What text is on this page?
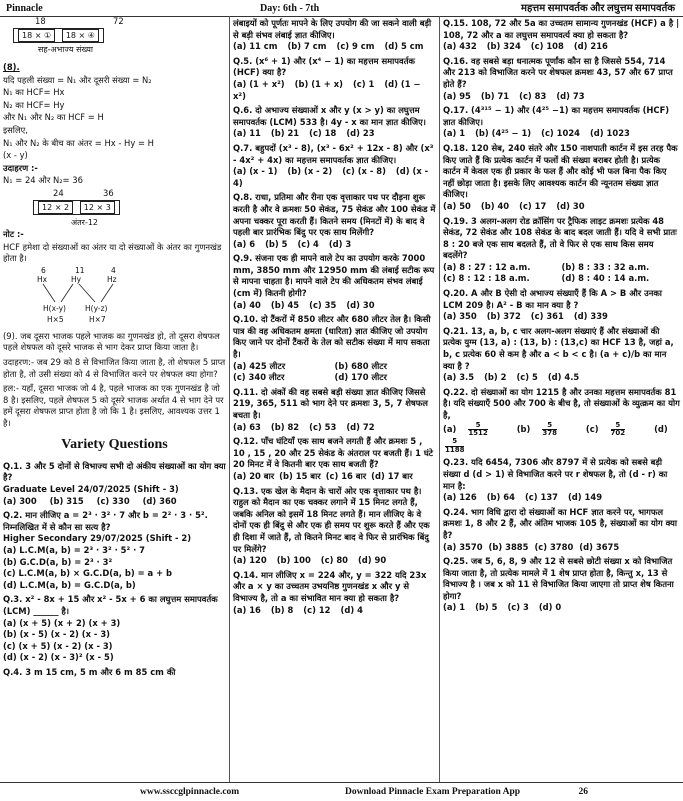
Pinnacle	Day: 6th - 7th	महत्तम समापवर्तक और लघुत्तम समापवर्तक
18	72
18 × ① 18 × ④
सह-अभाज्य संख्या
(8).
यदि पहली संख्या = N₁ और दूसरी संख्या = N₂
N₁ का HCF= Hx
N₂ का HCF= Hy
और N₁ और N₂ का HCF = H
इसलिए,
N₁ और N₂ के बीच का अंतर = Hx - Hy = H
(x - y)
उदाहरण :-
N₁ = 24 और N₂= 36
24	36
12 × 2 12 × 3
अंतर-12
नोट :-
HCF हमेशा दो संख्याओं का अंतर या दो संख्याओं के अंतर का गुणनखंड होता है।
6	11	4
Hx	Hy	Hz
H(x-y)	H(y-z)
H×5	H×7
(9). जब दूसरा भाजक पहले भाजक का गुणनखंड हो, तो दूसरा शेषफल पहले शेषफल को दूसरे भाजक से भाग देकर प्राप्त किया जाता है।
उदाहरण:- जब 29 को 8 से विभाजित किया जाता है, तो शेषफल 5 प्राप्त होता है, तो उसी संख्या को 4 से विभाजित करने पर शेषफल क्या होगा?
हल:- यहाँ, दूसरा भाजक जो 4 है, पहले भाजक का एक गुणनखंड है जो 8 है। इसलिए, पहले शेषफल 5 को दूसरे भाजक अर्थात 4 से भाग देने पर हमें दूसरा शेषफल प्राप्त होता है जो कि 1 है। इसलिए, आवश्यक उत्तर 1 है।
Variety Questions
Q.1. 3 और 5 दोनों से विभाज्य सभी दो अंकीय संख्याओं का योग क्या है?
Graduate Level 24/07/2025 (Shift - 3)
(a) 300 (b) 315 (c) 330 (d) 360
Q.2. मान लीजिए a = 2³ · 3² · 7 और b = 2² · 3 · 5². निम्नलिखित में से कौन सा सत्य है?
Higher Secondary 29/07/2025 (Shift - 2)
(a) L.C.M(a, b) = 2³ · 3² · 5² · 7
(b) G.C.D(a, b) = 2³ · 3²
(c) L.C.M(a, b) × G.C.D(a, b) = a + b
(d) L.C.M(a, b) = G.C.D(a, b)
Q.3. x² - 8x + 15 और x² - 5x + 6 का लघुत्तम समापवर्तक (LCM) ______ है।
(a) (x + 5) (x + 2) (x + 3)
(b) (x - 5) (x - 2) (x - 3)
(c) (x + 5) (x - 2) (x - 3)
(d) (x - 2) (x - 3)² (x - 5)
Q.4. 3 m 15 cm, 5 m और 6 m 85 cm की
लंबाइयों को पूर्णतः मापने के लिए उपयोग की जा सकने वाली बड़ी से बड़ी संभव लंबाई ज्ञात कीजिए।
(a) 11 cm (b) 7 cm (c) 9 cm (d) 5 cm
Q.5. (x⁶ + 1) और (x⁴ − 1) का महत्तम समापवर्तक (HCF) क्या है?
(a) (1 + x²) (b) (1 + x) (c) 1 (d) (1 − x²)
Q.6. दो अभाज्य संख्याओं x और y (x > y) का लघुत्तम समापवर्तक (LCM) 533 है। 4y - x का मान ज्ञात कीजिए।
(a) 11 (b) 21 (c) 18 (d) 23
Q.7. बहुपदों (x³ - 8), (x³ - 6x² + 12x - 8) और (x³ - 4x² + 4x) का महत्तम समापवर्तक ज्ञात कीजिए।
(a) (x - 1) (b) (x - 2) (c) (x - 8) (d) (x - 4)
Q.8. राधा, प्रतिमा और रीना एक वृत्ताकार पथ पर दौड़ना शुरू करती है और वे क्रमशः 50 सेकंड, 75 सेकंड और 100 सेकंड में अपना चक्कर पूरा करती हैं। कितने समय (मिनटों में) के बाद वे पहली बार प्रारंभिक बिंदु पर एक साथ मिलेंगी?
(a) 6 (b) 5 (c) 4 (d) 3
Q.9. संजना एक ही मापने वाले टेप का उपयोग करके 7000 mm, 3850 mm और 12950 mm की लंबाई सटीक रूप से मापना चाहता है। मापने वाले टेप की अधिकतम संभव लंबाई (cm में) कितनी होगी?
(a) 40 (b) 45 (c) 35 (d) 30
Q.10. दो टैंकरों में 850 लीटर और 680 लीटर तेल है। किसी पात्र की वह अधिकतम क्षमता (धारिता) ज्ञात कीजिए जो उपयोग किए जाने पर दोनों टैंकरों के तेल को सटीक संख्या में माप सकता है।
(a) 425 लीटर	(b) 680 लीटर
(c) 340 लीटर	(d) 170 लीटर
Q.11. दो अंकों की वह सबसे बड़ी संख्या ज्ञात कीजिए जिससे 219, 365, 511 को भाग देने पर क्रमशः 3, 5, 7 शेषफल बचता है।
(a) 63 (b) 82 (c) 53 (d) 72
Q.12. पाँच घंटियाँ एक साथ बजने लगती हैं और क्रमशः 5 , 10 , 15 , 20 और 25 सेकंड के अंतराल पर बजती हैं। 1 घंटे 20 मिनट में वे कितनी बार एक साथ बजती हैं?
(a) 20 बार (b) 15 बार (c) 16 बार (d) 17 बार
Q.13. एक खेल के मैदान के चारों ओर एक वृत्ताकार पथ है। राहुल को मैदान का एक चक्कर लगाने में 15 मिनट लगते हैं, जबकि अनिल को इसमें 18 मिनट लगते हैं। मान लीजिए के वे दोनों एक ही बिंदु से और एक ही समय पर शुरू करते हैं और एक ही दिशा में जाते हैं, तो कितने मिनट बाद वे फिर से प्रारंभिक बिंदु पर मिलेंगे?
(a) 120 (b) 100 (c) 80 (d) 90
Q.14. मान लीजिए x = 224 और, y = 322 यदि 23x और a × y का उच्चतम उभयनिष्ठ गुणनखंड x और y से विभाज्य है, तो a का संभावित मान क्या हो सकता है?
(a) 16 (b) 8 (c) 12 (d) 4
Q.15. 108, 72 और 5a का उच्चतम सामान्य गुणनखंड (HCF) a है | 108, 72 और a का लघुत्तम समापवर्त्य क्या हो सकता है?
(a) 432 (b) 324 (c) 108 (d) 216
Q.16. वह सबसे बड़ा धनात्मक पूर्णांक कौन सा है जिससे 554, 714 और 213 को विभाजित करने पर शेषफल क्रमशः 43, 57 और 67 प्राप्त होते हैं?
(a) 95 (b) 71 (c) 83 (d) 73
Q.17. (4³¹⁵ − 1) और (4²⁵ −1) का महत्तम समापवर्तक (HCF) ज्ञात कीजिए।
(a) 1 (b) (4²⁵ − 1) (c) 1024 (d) 1023
Q.18. 120 सेब, 240 संतरे और 150 नाशपाती कार्टन में इस तरह पैक किए जाते हैं कि प्रत्येक कार्टन में फलों की संख्या बराबर होती है। प्रत्येक कार्टन में केवल एक ही प्रकार के फल हैं और कोई भी फल बिना पैक किए नहीं छोड़ा जाता है। इसके लिए आवश्यक कार्टन की न्यूनतम संख्या ज्ञात कीजिए।
(a) 50 (b) 40 (c) 17 (d) 30
Q.19. 3 अलग-अलग रोड क्रॉसिंग पर ट्रैफिक लाइट क्रमशः प्रत्येक 48 सेकंड, 72 सेकंड और 108 सेकंड के बाद बदल जाती हैं। यदि वे सभी प्रातः 8 : 20 बजे एक साथ बदलते हैं, तो वे फिर से एक साथ किस समय बदलेंगे?
(a) 8 : 27 : 12 a.m.	(b) 8 : 33 : 32 a.m.
(c) 8 : 12 : 18 a.m.	(d) 8 : 40 : 14 a.m.
Q.20. A और B ऐसी दो अभाज्य संख्याएँ हैं कि A > B और उनका LCM 209 है। A² - B का मान क्या है ?
(a) 350 (b) 372 (c) 361 (d) 339
Q.21. 13, a, b, c चार अलग-अलग संख्याएं हैं और संख्याओं की प्रत्येक युग्म (13, a) : (13, b) : (13,c) का HCF 13 है, जहां a, b, c प्रत्येक 60 से कम है और a < b < c है। (a + c)/b का मान क्या है ?
(a) 3.5 (b) 2 (c) 5 (d) 4.5
Q.22. दो संख्याओं का योग 1215 है और उनका महत्तम समापवर्तक 81 है। यदि संख्याएँ 500 और 700 के बीच है, तो संख्याओं के व्युत्क्रम का योग है,
$(a) \frac{5}{1512} (b) \frac{5}{378} (c) \frac{5}{702} (d)$
$\frac{5}{1188}$
Q.23. यदि 6454, 7306 और 8797 में से प्रत्येक को सबसे बड़ी संख्या d (d > 1) से विभाजित करने पर r शेषफल है, तो (d - r) का मान है:
(a) 126 (b) 64 (c) 137 (d) 149
Q.24. भाग विधि द्वारा दो संख्याओं का HCF ज्ञात करने पर, भागफल क्रमशः 1, 8 और 2 हैं, और अंतिम भाजक 105 है, संख्याओं का योग क्या है?
(a) 3570 (b) 3885 (c) 3780 (d) 3675
Q.25. जब 5, 6, 8, 9 और 12 से सबसे छोटी संख्या x को विभाजित किया जाता है, तो प्रत्येक मामले में 1 शेष प्राप्त होता है, किन्तु x, 13 से विभाज्य है । जब x को 11 से विभाजित किया जाएगा तो प्राप्त शेष कितना होगा?
(a) 1 (b) 5 (c) 3 (d) 0
www.ssccglpinnacle.com	Download Pinnacle Exam Preparation App	26
